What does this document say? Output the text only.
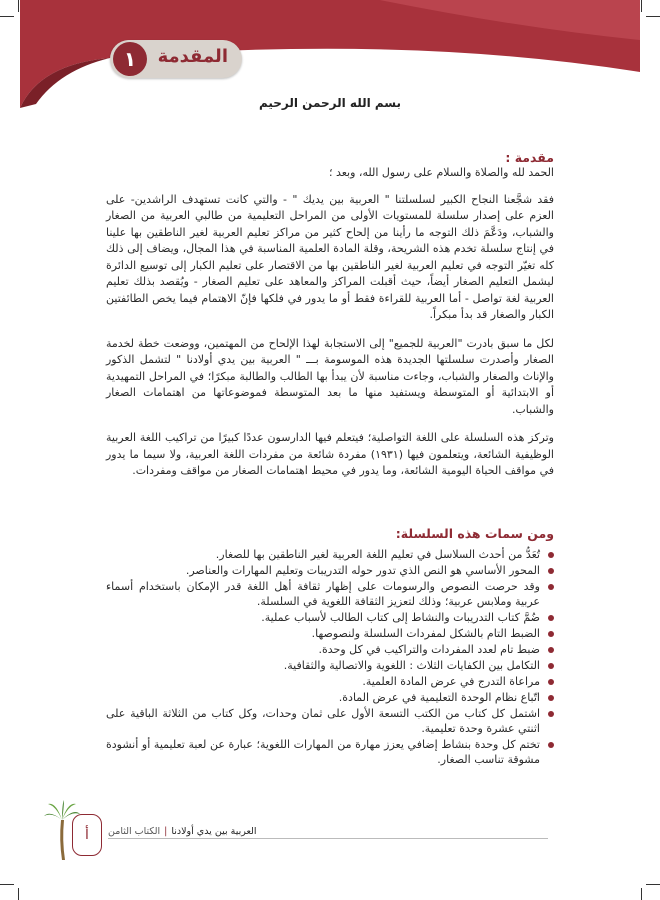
١	المقدمة
بسم الله الرحمن الرحيم
مقدمة :

الحمد لله والصلاة والسلام على رسول الله، وبعد ؛

فقد شجَّعنا النجاح الكبير لسلسلتنا " العربية بين يديك " - والتي كانت تستهدف الراشدين- على العزم على إصدار سلسلة للمستويات الأولى من المراحل التعليمية من طالبي العربية من الصغار والشباب، ودَعَّمَ ذلك التوجه ما رأينا من إلحاح كثير من مراكز تعليم العربية لغير الناطقين بها علينا في إنتاج سلسلة تخدم هذه الشريحة، وقلة المادة العلمية المناسبة في هذا المجال، ويضاف إلى ذلك كله تغيّر التوجه في تعليم العربية لغير الناطقين بها من الاقتصار على تعليم الكبار إلى توسيع الدائرة ليشمل التعليم الصغار أيضاً، حيث أقبلت المراكز والمعاهد على تعليم الصغار - ويُقصد بذلك تعليم العربية لغة تواصل - أما العربية للقراءة فقط أو ما يدور في فلكها فإنّ الاهتمام فيما يخص الطائفتين الكبار والصغار قد بدأ مبكراً.

لكل ما سبق بادرت "العربية للجميع" إلى الاستجابة لهذا الإلحاح من المهتمين، ووضعت خطة لخدمة الصغار وأصدرت سلسلتها الجديدة هذه الموسومة بـــ " العربية بين يدي أولادنا " لتشمل الذكور والإناث والصغار والشباب، وجاءت مناسبة لأن يبدأ بها الطالب والطالبة مبكرًا؛ في المراحل التمهيدية أو الابتدائية أو المتوسطة ويستفيد منها ما بعد المتوسطة فموضوعاتها من اهتمامات الصغار والشباب.

وتركز هذه السلسلة على اللغة التواصلية؛ فيتعلم فيها الدارسون عددًا كبيرًا من تراكيب اللغة العربية الوظيفية الشائعة، ويتعلمون فيها (١٩٣١) مفردة شائعة من مفردات اللغة العربية، ولا سيما ما يدور في مواقف الحياة اليومية الشائعة، وما يدور في محيط اهتمامات الصغار من مواقف ومفردات.

ومن سمات هذه السلسلة:
تُعَدُّ من أحدث السلاسل في تعليم اللغة العربية لغير الناطقين بها للصغار.
المحور الأساسي هو النص الذي تدور حوله التدريبات وتعليم المهارات والعناصر.
وقد حرصت النصوص والرسومات على إظهار ثقافة أهل اللغة قدر الإمكان باستخدام أسماء عربية وملابس عربية؛ وذلك لتعزيز الثقافة اللغوية في السلسلة.
ضُمَّ كتاب التدريبات والنشاط إلى كتاب الطالب لأسباب عملية.
الضبط التام بالشكل لمفردات السلسلة ولنصوصها.
ضبط تام لعدد المفردات والتراكيب في كل وحدة.
التكامل بين الكفايات الثلاث : اللغوية والاتصالية والثقافية.
مراعاة التدرج في عرض المادة العلمية.
اتّباع نظام الوحدة التعليمية في عرض المادة.
اشتمل كل كتاب من الكتب التسعة الأول على ثمان وحدات، وكل كتاب من الثلاثة الباقية على اثنتي عشرة وحدة تعليمية.
تختم كل وحدة بنشاط إضافي يعزز مهارة من المهارات اللغوية؛ عبارة عن لعبة تعليمية أو أنشودة مشوقة تناسب الصغار.
أ	العربية بين يدي أولادنا|الكتاب الثامن
